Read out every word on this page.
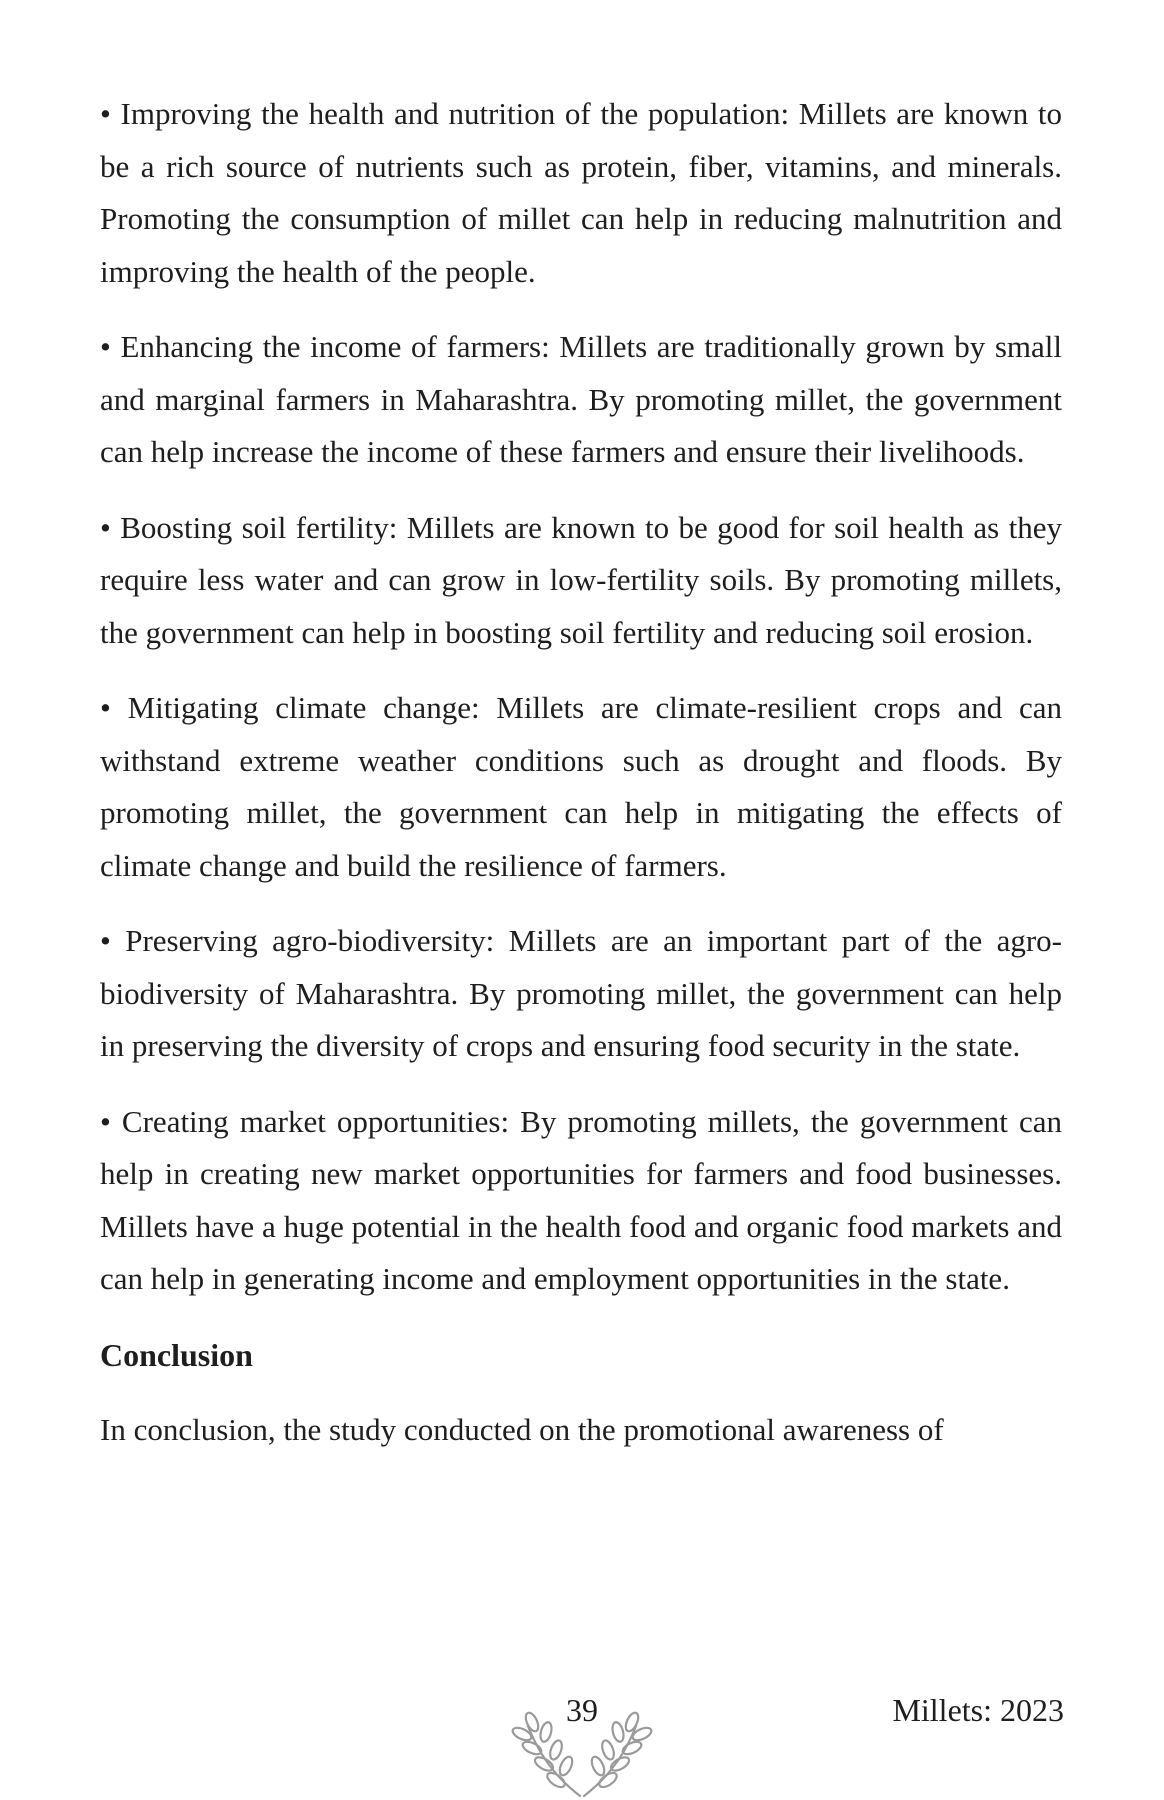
• Improving the health and nutrition of the population: Millets are known to be a rich source of nutrients such as protein, fiber, vitamins, and minerals. Promoting the consumption of millet can help in reducing malnutrition and improving the health of the people.

• Enhancing the income of farmers: Millets are traditionally grown by small and marginal farmers in Maharashtra. By promoting millet, the government can help increase the income of these farmers and ensure their livelihoods.

• Boosting soil fertility: Millets are known to be good for soil health as they require less water and can grow in low-fertility soils. By promoting millets, the government can help in boosting soil fertility and reducing soil erosion.

• Mitigating climate change: Millets are climate-resilient crops and can withstand extreme weather conditions such as drought and floods. By promoting millet, the government can help in mitigating the effects of climate change and build the resilience of farmers.

• Preserving agro-biodiversity: Millets are an important part of the agro-biodiversity of Maharashtra. By promoting millet, the government can help in preserving the diversity of crops and ensuring food security in the state.

• Creating market opportunities: By promoting millets, the government can help in creating new market opportunities for farmers and food businesses. Millets have a huge potential in the health food and organic food markets and can help in generating income and employment opportunities in the state.

Conclusion

In conclusion, the study conducted on the promotional awareness of

39	Millets: 2023
